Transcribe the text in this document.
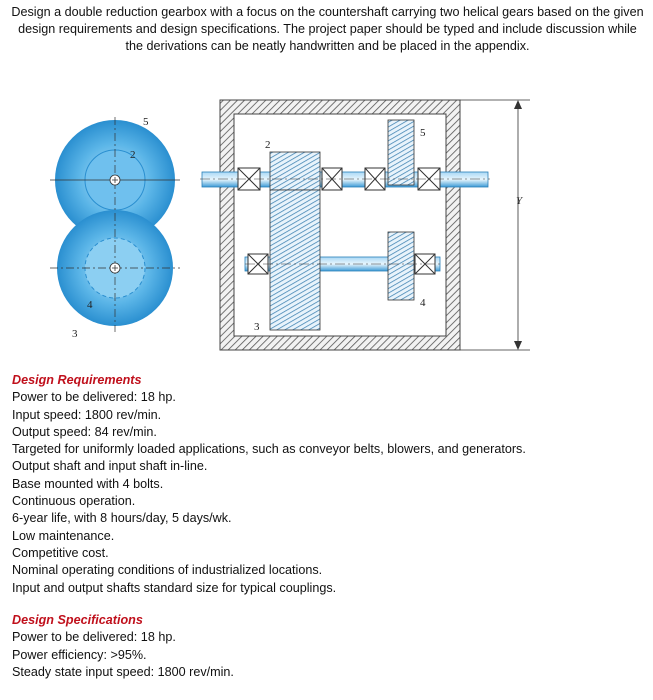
Design a double reduction gearbox with a focus on the countershaft carrying two helical gears based on the given design requirements and design specifications. The project paper should be typed and include discussion while the derivations can be neatly handwritten and be placed in the appendix.
5
2
4
3
2
3
5
4
Y
Design Requirements
Power to be delivered: 18 hp.
Input speed: 1800 rev/min.
Output speed: 84 rev/min.
Targeted for uniformly loaded applications, such as conveyor belts, blowers, and generators.
Output shaft and input shaft in-line.
Base mounted with 4 bolts.
Continuous operation.
6-year life, with 8 hours/day, 5 days/wk.
Low maintenance.
Competitive cost.
Nominal operating conditions of industrialized locations.
Input and output shafts standard size for typical couplings.
Design Specifications
Power to be delivered: 18 hp.
Power efficiency: >95%.
Steady state input speed: 1800 rev/min.
